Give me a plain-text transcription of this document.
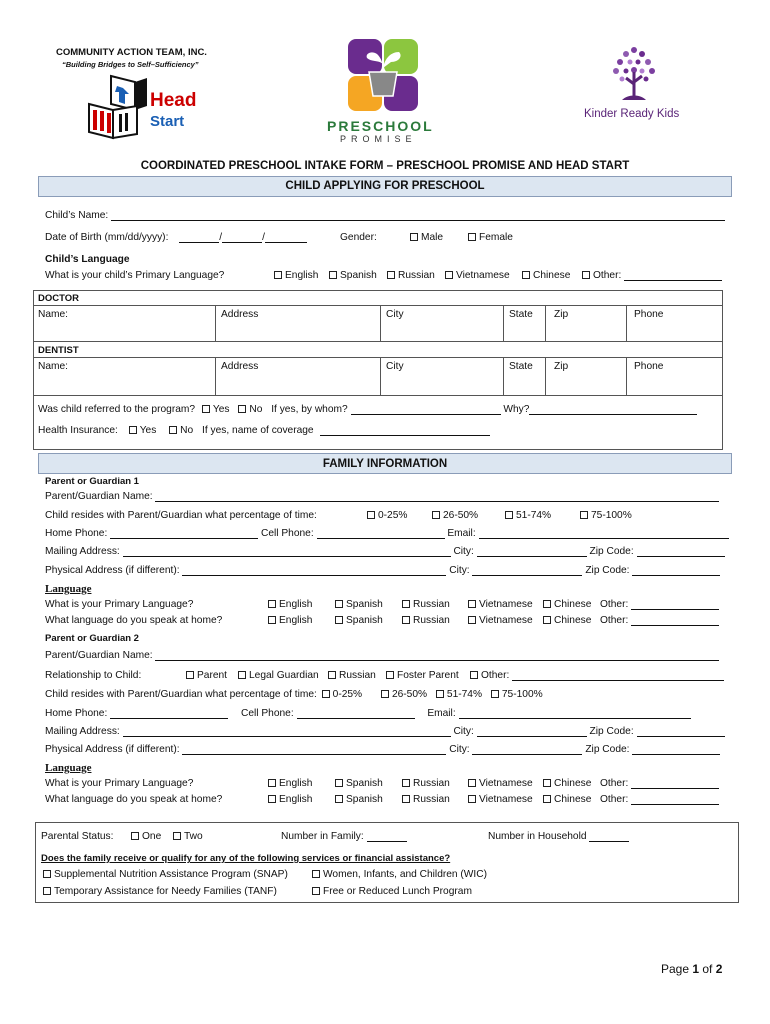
COMMUNITY ACTION TEAM, INC.
“Building Bridges to Self–Sufficiency”
Head
Start	PRESCHOOL
PROMISE
Kinder Ready Kids
COORDINATED PRESCHOOL INTAKE FORM – PRESCHOOL PROMISE AND HEAD START
CHILD APPLYING FOR PRESCHOOL
Child’s Name:
Date of Birth (mm/dd/yyyy):	/	/	Gender:	Male	Female
Child’s Language
What is your child’s Primary Language?	English	Spanish	Russian	Vietnamese	Chinese	Other:
DOCTOR
Name:	Address	City	State Zip	Phone
DENTIST
Name:	Address	City	State Zip	Phone
Was child referred to the program? Yes No If yes, by whom?	Why?
Health Insurance: Yes No If yes, name of coverage
FAMILY INFORMATION
Parent or Guardian 1
Parent/Guardian Name:
Child resides with Parent/Guardian what percentage of time:	0-25%	26-50%	51-74%	75-100%
Home Phone:	Cell Phone:	Email:
Mailing Address:	City:	Zip Code:
Physical Address (if different):	City:	Zip Code:
Language
What is your Primary Language?
What language do you speak at home?
English	Spanish	Russian	Vietnamese	Chinese Other:
English	Spanish	Russian	Vietnamese	Chinese Other:
Parent or Guardian 2
Parent/Guardian Name:
Relationship to Child:	Parent	Legal Guardian	Russian	Foster Parent	Other:
Child resides with Parent/Guardian what percentage of time: 0-25%	26-50% 51-74% 75-100%
Home Phone:	Cell Phone:	Email:
Mailing Address:	City:	Zip Code:
Physical Address (if different):	City:	Zip Code:
Language
What is your Primary Language?
What language do you speak at home?
English	Spanish	Russian	Vietnamese	Chinese Other:
English	Spanish	Russian	Vietnamese	Chinese Other:
Parental Status:	One	Two	Number in Family:	Number in Household
Does the family receive or qualify for any of the following services or financial assistance?
Supplemental Nutrition Assistance Program (SNAP)	Women, Infants, and Children (WIC)
Temporary Assistance for Needy Families (TANF)	Free or Reduced Lunch Program
Page 1 of 2
